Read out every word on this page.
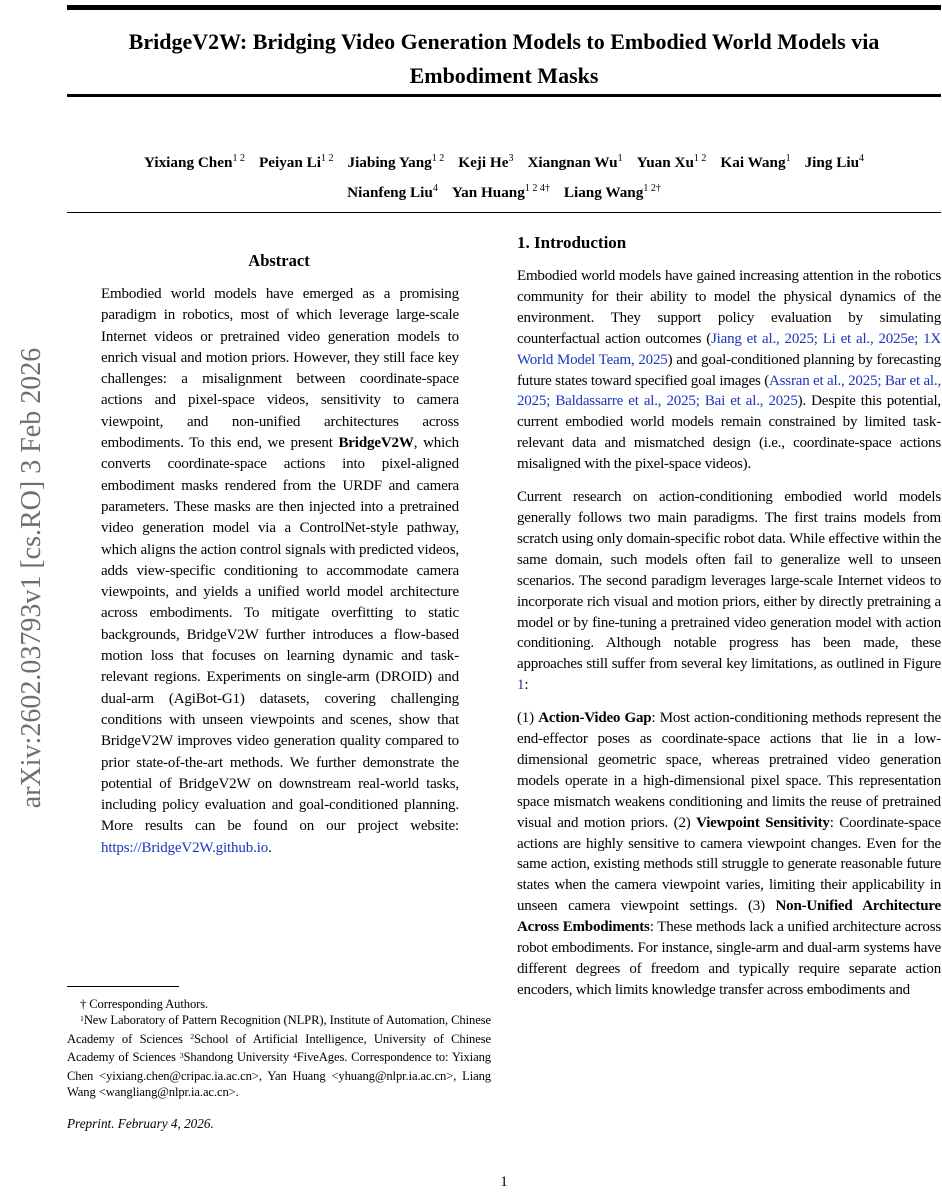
BridgeV2W: Bridging Video Generation Models to Embodied World Models via
Embodiment Masks
Yixiang Chen$^{1 2}$ Peiyan $Li^{1 2}$ Jiabing Yang$^{1 2}$ Keji He$^3$ Xiangnan Wu$^1$ Yuan $Xu^{1 2}$ Kai Wang$^1$ Jing Liu$^4$
Nianfeng Liu$^4$ Yan Huang$^{1 2 4\dagger}$ Liang Wang$^{1 2\dagger}$
Abstract

Embodied world models have emerged as a promising paradigm in robotics, most of which leverage large-scale Internet videos or pretrained video generation models to enrich visual and motion priors. However, they still face key challenges: a misalignment between coordinate-space actions and pixel-space videos, sensitivity to camera viewpoint, and non-unified architectures across embodiments. To this end, we present BridgeV2W, which converts coordinate-space actions into pixel-aligned embodiment masks rendered from the URDF and camera parameters. These masks are then injected into a pretrained video generation model via a ControlNet-style pathway, which aligns the action control signals with predicted videos, adds view-specific conditioning to accommodate camera viewpoints, and yields a unified world model architecture across embodiments. To mitigate overfitting to static backgrounds, BridgeV2W further introduces a flow-based motion loss that focuses on learning dynamic and task-relevant regions. Experiments on single-arm (DROID) and dual-arm (AgiBot-G1) datasets, covering challenging conditions with unseen viewpoints and scenes, show that BridgeV2W improves video generation quality compared to prior state-of-the-art methods. We further demonstrate the potential of BridgeV2W on downstream real-world tasks, including policy evaluation and goal-conditioned planning. More results can be found on our project website: https://BridgeV2W.github.io.

1. Introduction

Embodied world models have gained increasing attention in the robotics community for their ability to model the physical dynamics of the environment. They support policy evaluation by simulating counterfactual action outcomes (Jiang et al., 2025; Li et al., 2025e; 1X World Model Team, 2025) and goal-conditioned planning by forecasting future states toward specified goal images (Assran et al., 2025; Bar et al., 2025; Baldassarre et al., 2025; Bai et al., 2025). Despite this potential, current embodied world models remain constrained by limited task-relevant data and mismatched design (i.e., coordinate-space actions misaligned with the pixel-space videos).

Current research on action-conditioning embodied world models generally follows two main paradigms. The first trains models from scratch using only domain-specific robot data. While effective within the same domain, such models often fail to generalize well to unseen scenarios. The second paradigm leverages large-scale Internet videos to incorporate rich visual and motion priors, either by directly pretraining a model or by fine-tuning a pretrained video generation model with action conditioning. Although notable progress has been made, these approaches still suffer from several key limitations, as outlined in Figure 1:

(1) Action-Video Gap: Most action-conditioning methods represent the end-effector poses as coordinate-space actions that lie in a low-dimensional geometric space, whereas pretrained video generation models operate in a high-dimensional pixel space. This representation space mismatch weakens conditioning and limits the reuse of pretrained visual and motion priors. (2) Viewpoint Sensitivity: Coordinate-space actions are highly sensitive to camera viewpoint changes. Even for the same action, existing methods still struggle to generate reasonable future states when the camera viewpoint varies, limiting their applicability in unseen camera viewpoint settings. (3) Non-Unified Architecture Across Embodiments: These methods lack a unified architecture across robot embodiments. For instance, single-arm and dual-arm systems have different degrees of freedom and typically require separate action encoders, which limits knowledge transfer across embodiments and

† Corresponding Authors.

$^1$New Laboratory of Pattern Recognition (NLPR), Institute of Automation, Chinese Academy of Sciences $^2$School of Artificial Intelligence, University of Chinese Academy of Sciences $^3$Shandong University $^4$FiveAges. Correspondence to: Yixiang Chen <yixiang.chen@cripac.ia.ac.cn>, Yan Huang <yhuang@nlpr.ia.ac.cn>, Liang Wang <wangliang@nlpr.ia.ac.cn>.

Preprint. February 4, 2026.

arXiv:2602.03793v1 [cs.RO] 3 Feb 2026
1
